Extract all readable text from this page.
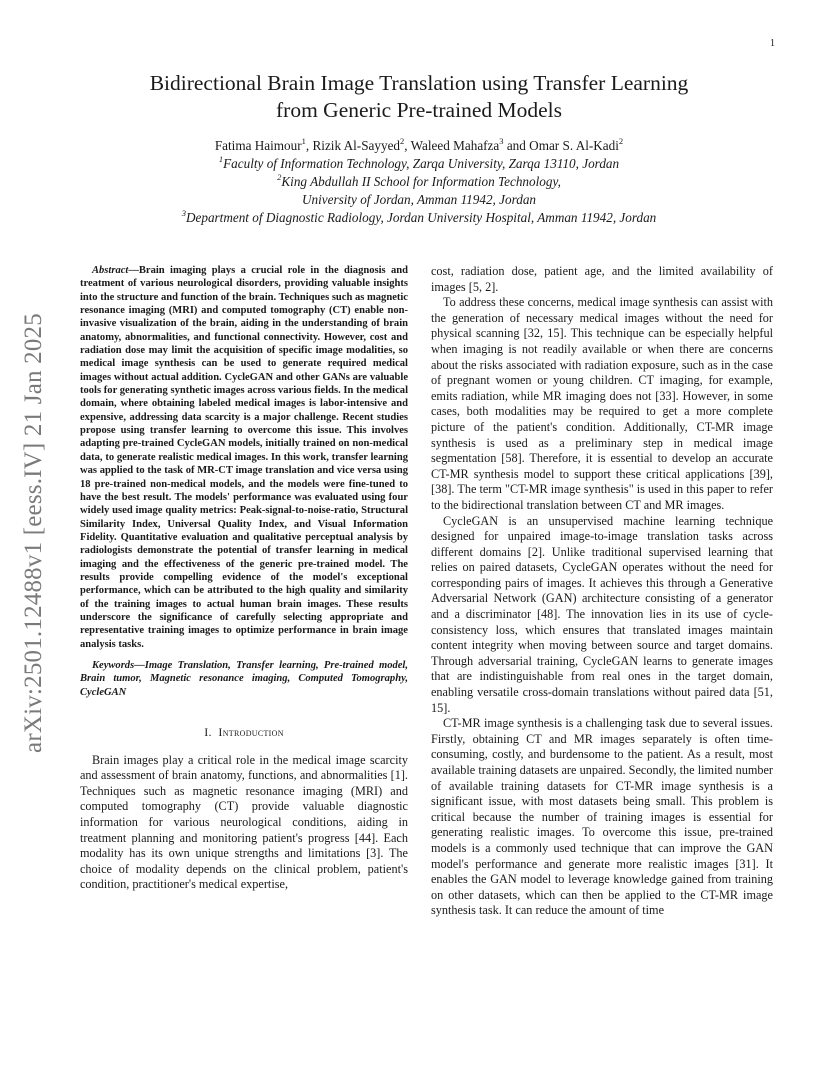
1
arXiv:2501.12488v1 [eess.IV] 21 Jan 2025
Bidirectional Brain Image Translation using Transfer Learning
from Generic Pre-trained Models
Fatima Haimour$^1$, Rizik Al-Sayyed$^2$, Waleed Mahafza$^3$ and Omar S. Al-Kadi$^2$
$^1$Faculty of Information Technology, Zarqa University, Zarqa 13110, Jordan
$^2$King Abdullah II School for Information Technology,
University of Jordan, Amman 11942, Jordan
$^3$Department of Diagnostic Radiology, Jordan University Hospital, Amman 11942, Jordan

Abstract—Brain imaging plays a crucial role in the diagnosis and treatment of various neurological disorders, providing valuable insights into the structure and function of the brain. Techniques such as magnetic resonance imaging (MRI) and computed tomography (CT) enable non-invasive visualization of the brain, aiding in the understanding of brain anatomy, abnormalities, and functional connectivity. However, cost and radiation dose may limit the acquisition of specific image modalities, so medical image synthesis can be used to generate required medical images without actual addition. CycleGAN and other GANs are valuable tools for generating synthetic images across various fields. In the medical domain, where obtaining labeled medical images is labor-intensive and expensive, addressing data scarcity is a major challenge. Recent studies propose using transfer learning to overcome this issue. This involves adapting pre-trained CycleGAN models, initially trained on non-medical data, to generate realistic medical images. In this work, transfer learning was applied to the task of MR-CT image translation and vice versa using 18 pre-trained non-medical models, and the models were fine-tuned to have the best result. The models' performance was evaluated using four widely used image quality metrics: Peak-signal-to-noise-ratio, Structural Similarity Index, Universal Quality Index, and Visual Information Fidelity. Quantitative evaluation and qualitative perceptual analysis by radiologists demonstrate the potential of transfer learning in medical imaging and the effectiveness of the generic pre-trained model. The results provide compelling evidence of the model's exceptional performance, which can be attributed to the high quality and similarity of the training images to actual human brain images. These results underscore the significance of carefully selecting appropriate and representative training images to optimize performance in brain image analysis tasks.

Keywords—Image Translation, Transfer learning, Pre-trained model, Brain tumor, Magnetic resonance imaging, Computed Tomography, CycleGAN
I. Introduction

Brain images play a critical role in the medical image scarcity and assessment of brain anatomy, functions, and abnormalities [1]. Techniques such as magnetic resonance imaging (MRI) and computed tomography (CT) provide valuable diagnostic information for various neurological conditions, aiding in treatment planning and monitoring patient's progress [44]. Each modality has its own unique strengths and limitations [3]. The choice of modality depends on the clinical problem, patient's condition, practitioner's medical expertise,

cost, radiation dose, patient age, and the limited availability of images [5, 2].

To address these concerns, medical image synthesis can assist with the generation of necessary medical images without the need for physical scanning [32, 15]. This technique can be especially helpful when imaging is not readily available or when there are concerns about the risks associated with radiation exposure, such as in the case of pregnant women or young children. CT imaging, for example, emits radiation, while MR imaging does not [33]. However, in some cases, both modalities may be required to get a more complete picture of the patient's condition. Additionally, CT-MR image synthesis is used as a preliminary step in medical image segmentation [58]. Therefore, it is essential to develop an accurate CT-MR synthesis model to support these critical applications [39], [38]. The term "CT-MR image synthesis" is used in this paper to refer to the bidirectional translation between CT and MR images.

CycleGAN is an unsupervised machine learning technique designed for unpaired image-to-image translation tasks across different domains [2]. Unlike traditional supervised learning that relies on paired datasets, CycleGAN operates without the need for corresponding pairs of images. It achieves this through a Generative Adversarial Network (GAN) architecture consisting of a generator and a discriminator [48]. The innovation lies in its use of cycle-consistency loss, which ensures that translated images maintain content integrity when moving between source and target domains. Through adversarial training, CycleGAN learns to generate images that are indistinguishable from real ones in the target domain, enabling versatile cross-domain translations without paired data [51, 15].

CT-MR image synthesis is a challenging task due to several issues. Firstly, obtaining CT and MR images separately is often time-consuming, costly, and burdensome to the patient. As a result, most available training datasets are unpaired. Secondly, the limited number of available training datasets for CT-MR image synthesis is a significant issue, with most datasets being small. This problem is critical because the number of training images is essential for generating realistic images. To overcome this issue, pre-trained models is a commonly used technique that can improve the GAN model's performance and generate more realistic images [31]. It enables the GAN model to leverage knowledge gained from training on other datasets, which can then be applied to the CT-MR image synthesis task. It can reduce the amount of time
